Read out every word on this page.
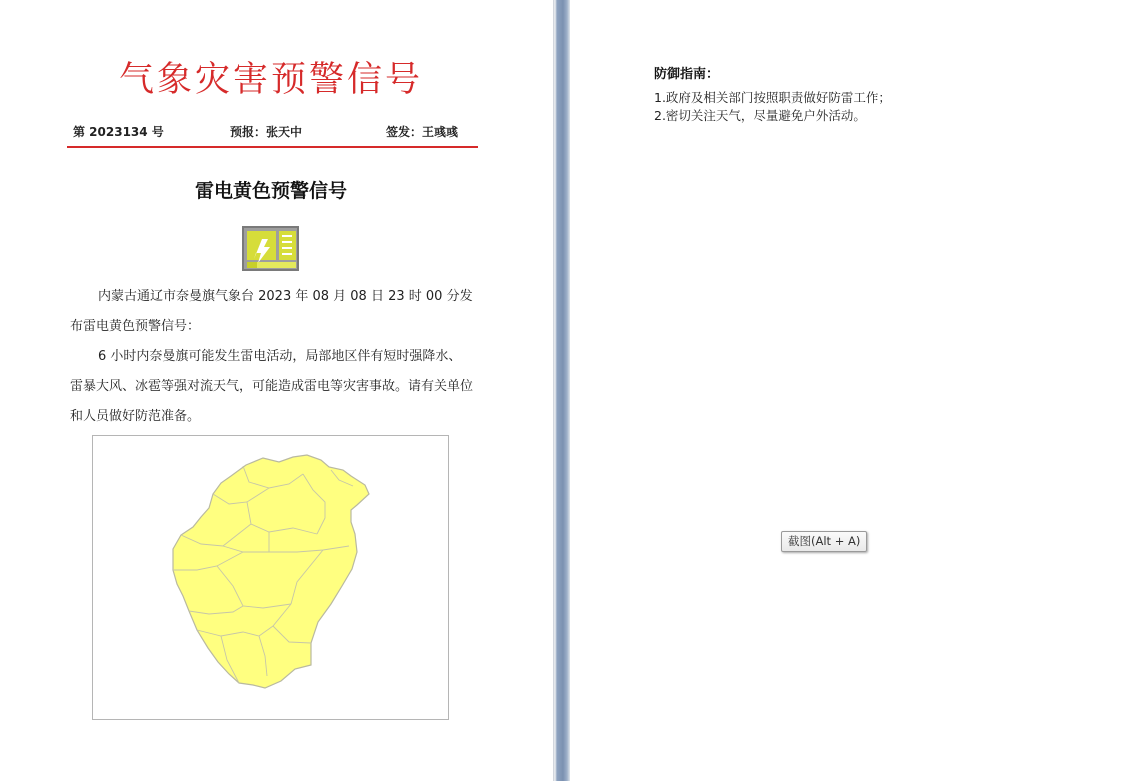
气象灾害预警信号
第 2023134 号	预报：张天中	签发：王彧彧
雷电黄色预警信号

内蒙古通辽市奈曼旗气象台 2023 年 08 月 08 日 23 时 00 分发布雷电黄色预警信号：

6 小时内奈曼旗可能发生雷电活动，局部地区伴有短时强降水、雷暴大风、冰雹等强对流天气，可能造成雷电等灾害事故。请有关单位和人员做好防范准备。

防御指南：
1.政府及相关部门按照职责做好防雷工作；
2.密切关注天气，尽量避免户外活动。
截图(Alt + A)
